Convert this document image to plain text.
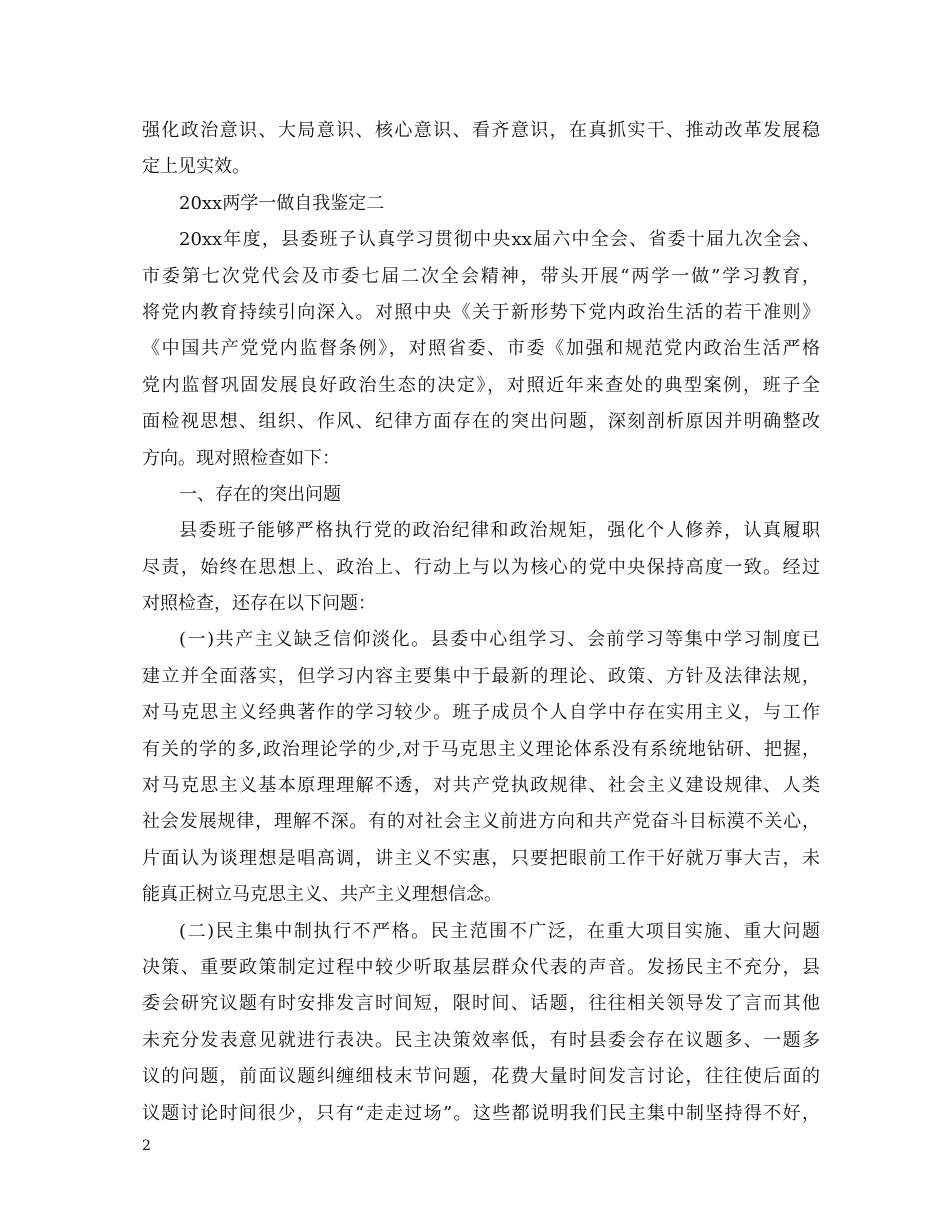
强化政治意识、大局意识、核心意识、看齐意识，在真抓实干、推动改革发展稳
定上见实效。
20xx两学一做自我鉴定二
20xx年度，县委班子认真学习贯彻中央xx届六中全会、省委十届九次全会、
市委第七次党代会及市委七届二次全会精神，带头开展“两学一做”学习教育，
将党内教育持续引向深入。对照中央《关于新形势下党内政治生活的若干准则》
《中国共产党党内监督条例》，对照省委、市委《加强和规范党内政治生活严格
党内监督巩固发展良好政治生态的决定》，对照近年来查处的典型案例，班子全
面检视思想、组织、作风、纪律方面存在的突出问题，深刻剖析原因并明确整改
方向。现对照检查如下：
一、存在的突出问题
县委班子能够严格执行党的政治纪律和政治规矩，强化个人修养，认真履职
尽责，始终在思想上、政治上、行动上与以为核心的党中央保持高度一致。经过
对照检查，还存在以下问题：
(一)共产主义缺乏信仰淡化。县委中心组学习、会前学习等集中学习制度已
建立并全面落实，但学习内容主要集中于最新的理论、政策、方针及法律法规，
对马克思主义经典著作的学习较少。班子成员个人自学中存在实用主义，与工作
有关的学的多,政治理论学的少,对于马克思主义理论体系没有系统地钻研、把握，
对马克思主义基本原理理解不透，对共产党执政规律、社会主义建设规律、人类
社会发展规律，理解不深。有的对社会主义前进方向和共产党奋斗目标漠不关心，
片面认为谈理想是唱高调，讲主义不实惠，只要把眼前工作干好就万事大吉，未
能真正树立马克思主义、共产主义理想信念。
(二)民主集中制执行不严格。民主范围不广泛，在重大项目实施、重大问题
决策、重要政策制定过程中较少听取基层群众代表的声音。发扬民主不充分，县
委会研究议题有时安排发言时间短，限时间、话题，往往相关领导发了言而其他
未充分发表意见就进行表决。民主决策效率低，有时县委会存在议题多、一题多
议的问题，前面议题纠缠细枝末节问题，花费大量时间发言讨论，往往使后面的
议题讨论时间很少，只有“走走过场”。这些都说明我们民主集中制坚持得不好，
2
